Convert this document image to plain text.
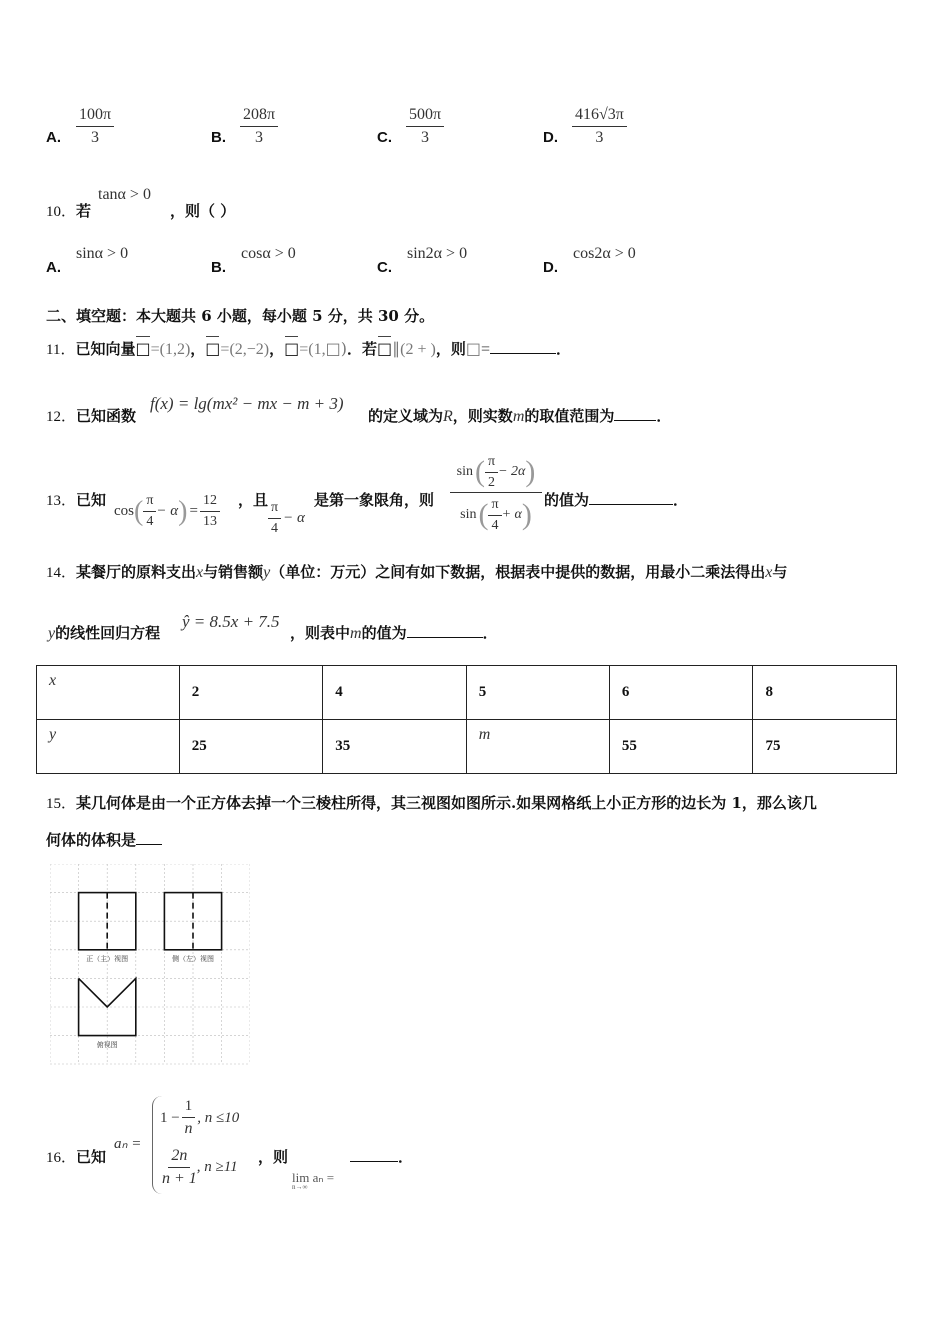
A. $\frac{100\pi}{3}$	B. $\frac{208\pi}{3}$	C. $\frac{500\pi}{3}$	D. $\frac{416√3\pi}{3}$
10．若
tanα > 0
，则（ ）
A.
sinα > 0
B.
cosα > 0
C.
sin2α > 0
D.
cos2α > 0
二、填空题：本大题共 6 小题，每小题 5 分，共 30 分。
11．已知向量□=(1,2)，□=(2,−2)，□=(1,□)．若□∥(2 + )，则□=	．
12．已知函数
f(x) = lg(mx² − mx − m + 3)
的定义域为R，则实数m的取值范围为	．
13．已知
cos ( $\frac{\pi}{4} - \alpha$ ) = $\frac{12}{13}$ ，且 $\frac{\pi}{4} - \alpha$
是第一象限角，则 $\frac{\sin ( \frac{\pi}{2} - 2\alpha )}{\sin ( \frac{\pi}{4} + \alpha )}$ 的值为	．
14．某餐厅的原料支出x与销售额y（单位：万元）之间有如下数据，根据表中提供的数据，用最小二乘法得出x与
y的线性回归方程
ŷ = 8.5x + 7.5
，则表中m的值为	．
x	2	4	5	6	8
y	25	35	m	55	75
15．某几何体是由一个正方体去掉一个三棱柱所得，其三视图如图所示.如果网格纸上小正方形的边长为 1，那么该几
何体的体积是
正（主）视图	侧（左）视图
俯视图
16．已知
aₙ =
$1 - \frac{1}{n}$ , n ≤10
$\frac{2n}{n + 1}$ , n ≥11
，则
lim aₙ =
n→∞
．
